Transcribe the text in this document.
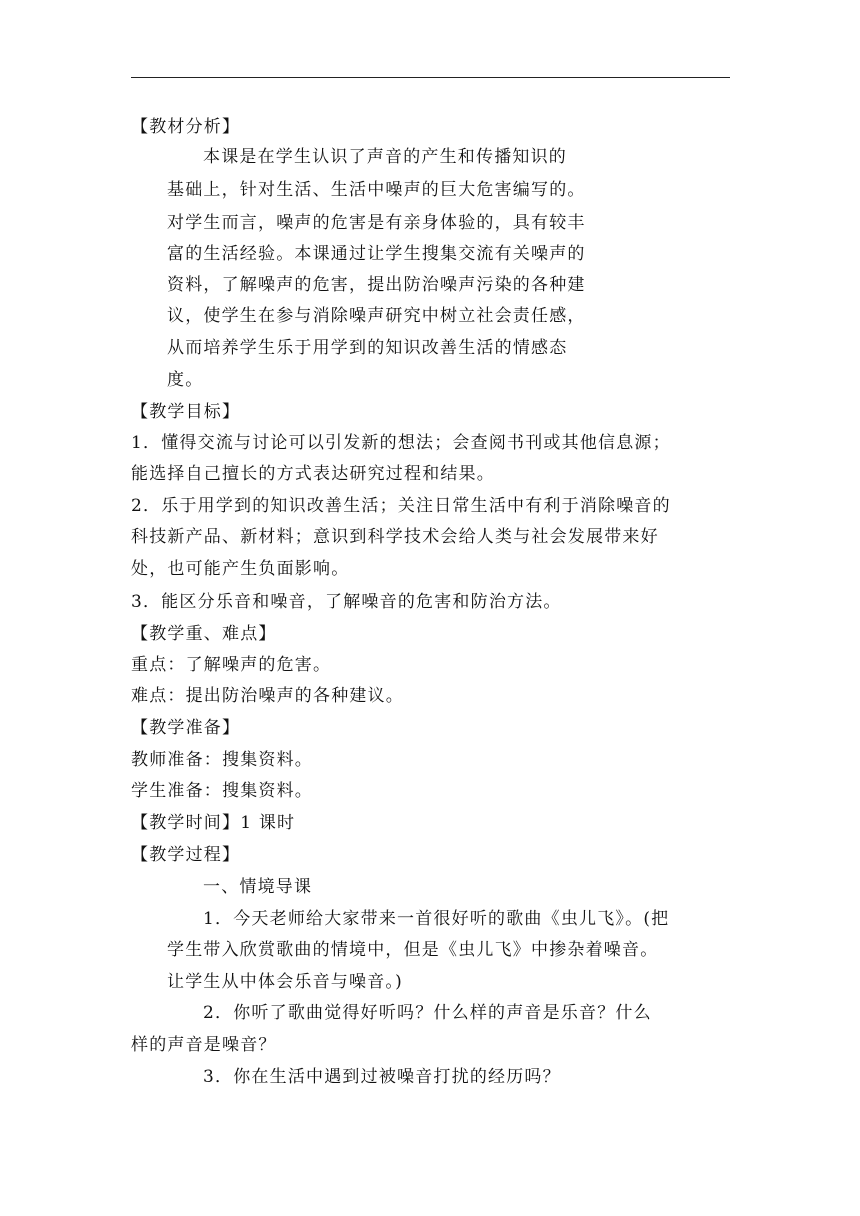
【教材分析】
本课是在学生认识了声音的产生和传播知识的
基础上，针对生活、生活中噪声的巨大危害编写的。
对学生而言，噪声的危害是有亲身体验的，具有较丰
富的生活经验。本课通过让学生搜集交流有关噪声的
资料，了解噪声的危害，提出防治噪声污染的各种建
议，使学生在参与消除噪声研究中树立社会责任感，
从而培养学生乐于用学到的知识改善生活的情感态
度。
【教学目标】
1．懂得交流与讨论可以引发新的想法；会查阅书刊或其他信息源；
能选择自己擅长的方式表达研究过程和结果。
2．乐于用学到的知识改善生活；关注日常生活中有利于消除噪音的
科技新产品、新材料；意识到科学技术会给人类与社会发展带来好
处，也可能产生负面影响。
3．能区分乐音和噪音，了解噪音的危害和防治方法。
【教学重、难点】
重点：了解噪声的危害。
难点：提出防治噪声的各种建议。
【教学准备】
教师准备：搜集资料。
学生准备：搜集资料。
【教学时间】1 课时
【教学过程】
一、情境导课
1．今天老师给大家带来一首很好听的歌曲《虫儿飞》。(把
学生带入欣赏歌曲的情境中，但是《虫儿飞》中掺杂着噪音。
让学生从中体会乐音与噪音。)
2．你听了歌曲觉得好听吗？什么样的声音是乐音？什么
样的声音是噪音？
3．你在生活中遇到过被噪音打扰的经历吗？
